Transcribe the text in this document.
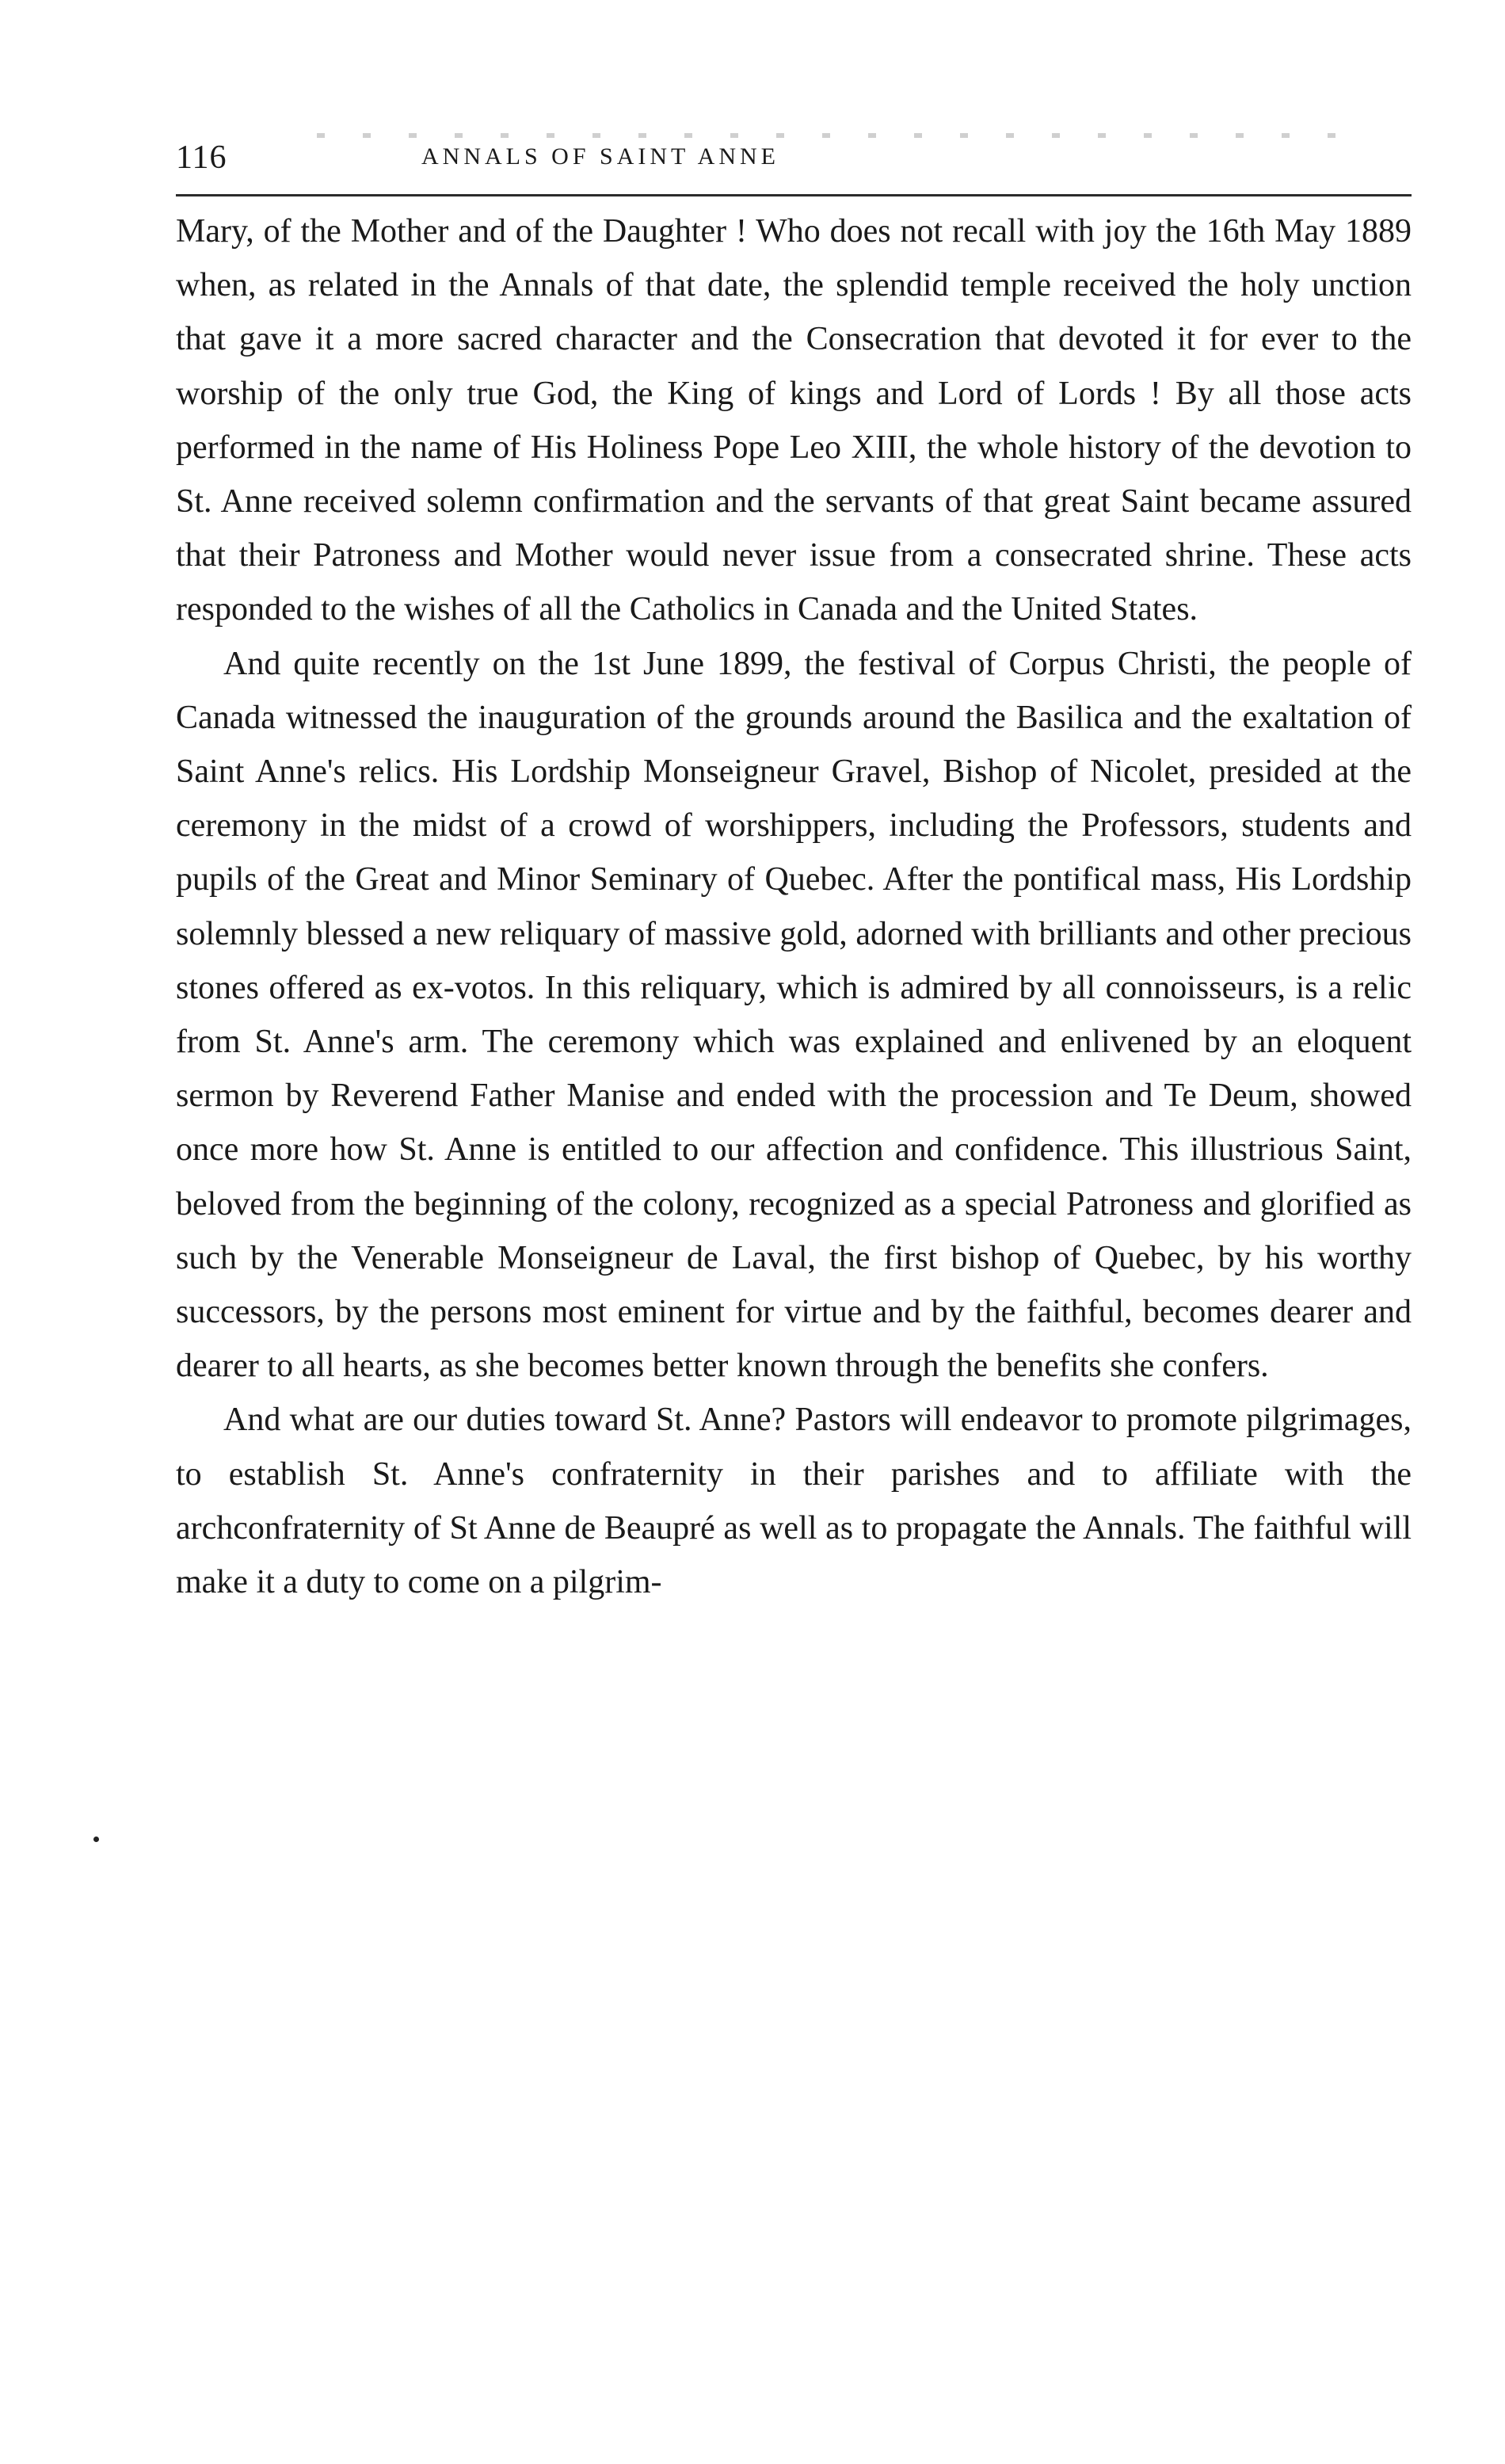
116	ANNALS OF SAINT ANNE

Mary, of the Mother and of the Daughter ! Who does not recall with joy the 16th May 1889 when, as related in the Annals of that date, the splendid temple received the holy unction that gave it a more sacred character and the Consecration that devoted it for ever to the worship of the only true God, the King of kings and Lord of Lords ! By all those acts performed in the name of His Holiness Pope Leo XIII, the whole history of the devotion to St. Anne received solemn confirmation and the servants of that great Saint became assured that their Patroness and Mother would never issue from a consecrated shrine. These acts responded to the wishes of all the Catholics in Canada and the United States.

And quite recently on the 1st June 1899, the festival of Corpus Christi, the people of Canada witnessed the inauguration of the grounds around the Basilica and the exaltation of Saint Anne's relics. His Lordship Monseigneur Gravel, Bishop of Nicolet, presided at the ceremony in the midst of a crowd of worshippers, including the Professors, students and pupils of the Great and Minor Seminary of Quebec. After the pontifical mass, His Lordship solemnly blessed a new reliquary of massive gold, adorned with brilliants and other precious stones offered as ex-votos. In this reliquary, which is admired by all connoisseurs, is a relic from St. Anne's arm. The ceremony which was explained and enlivened by an eloquent sermon by Reverend Father Manise and ended with the procession and Te Deum, showed once more how St. Anne is entitled to our affection and confidence. This illustrious Saint, beloved from the beginning of the colony, recognized as a special Patroness and glorified as such by the Venerable Monseigneur de Laval, the first bishop of Quebec, by his worthy successors, by the persons most eminent for virtue and by the faithful, becomes dearer and dearer to all hearts, as she becomes better known through the benefits she confers.

And what are our duties toward St. Anne? Pastors will endeavor to promote pilgrimages, to establish St. Anne's confraternity in their parishes and to affiliate with the archconfraternity of St Anne de Beaupré as well as to propagate the Annals. The faithful will make it a duty to come on a pilgrim-
